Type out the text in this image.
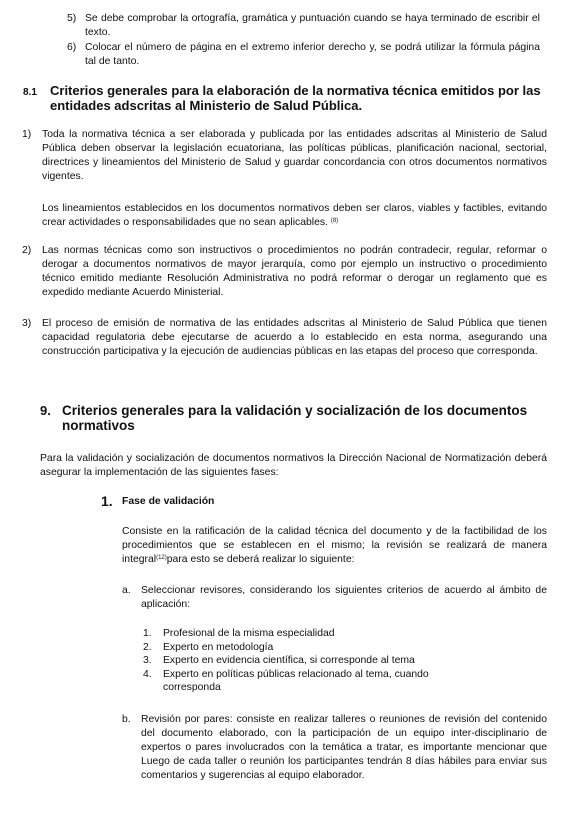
5) Se debe comprobar la ortografía, gramática y puntuación cuando se haya terminado de escribir el texto.

6) Colocar el número de página en el extremo inferior derecho y, se podrá utilizar la fórmula página tal de tanto.

8.1 Criterios generales para la elaboración de la normativa técnica emitidos por las entidades adscritas al Ministerio de Salud Pública.

1) Toda la normativa técnica a ser elaborada y publicada por las entidades adscritas al Ministerio de Salud Pública deben observar la legislación ecuatoriana, las políticas públicas, planificación nacional, sectorial, directrices y lineamientos del Ministerio de Salud y guardar concordancia con otros documentos normativos vigentes.

Los lineamientos establecidos en los documentos normativos deben ser claros, viables y factibles, evitando crear actividades o responsabilidades que no sean aplicables. $^{(8)}$

2) Las normas técnicas como son instructivos o procedimientos no podrán contradecir, regular, reformar o derogar a documentos normativos de mayor jerarquía, como por ejemplo un instructivo o procedimiento técnico emitido mediante Resolución Administrativa no podrá reformar o derogar un reglamento que es expedido mediante Acuerdo Ministerial.

3) El proceso de emisión de normativa de las entidades adscritas al Ministerio de Salud Pública que tienen capacidad regulatoria debe ejecutarse de acuerdo a lo establecido en esta norma, asegurando una construcción participativa y la ejecución de audiencias públicas en las etapas del proceso que corresponda.

9. Criterios generales para la validación y socialización de los documentos normativos

Para la validación y socialización de documentos normativos la Dirección Nacional de Normatización deberá asegurar la implementación de las siguientes fases:

1. Fase de validación

Consiste en la ratificación de la calidad técnica del documento y de la factibilidad de los procedimientos que se establecen en el mismo; la revisión se realizará de manera integral$^{(12)}$para esto se deberá realizar lo siguiente:

a. Seleccionar revisores, considerando los siguientes criterios de acuerdo al ámbito de aplicación:

1.	Profesional de la misma especialidad
2.	Experto en metodología
3.	Experto en evidencia científica, si corresponde al tema
4.	Experto en políticas públicas relacionado al tema, cuando corresponda
b. Revisión por pares: consiste en realizar talleres o reuniones de revisión del contenido del documento elaborado, con la participación de un equipo inter-disciplinario de expertos o pares involucrados con la temática a tratar, es importante mencionar que Luego de cada taller o reunión los participantes tendrán 8 días hábiles para enviar sus comentarios y sugerencias al equipo elaborador.
